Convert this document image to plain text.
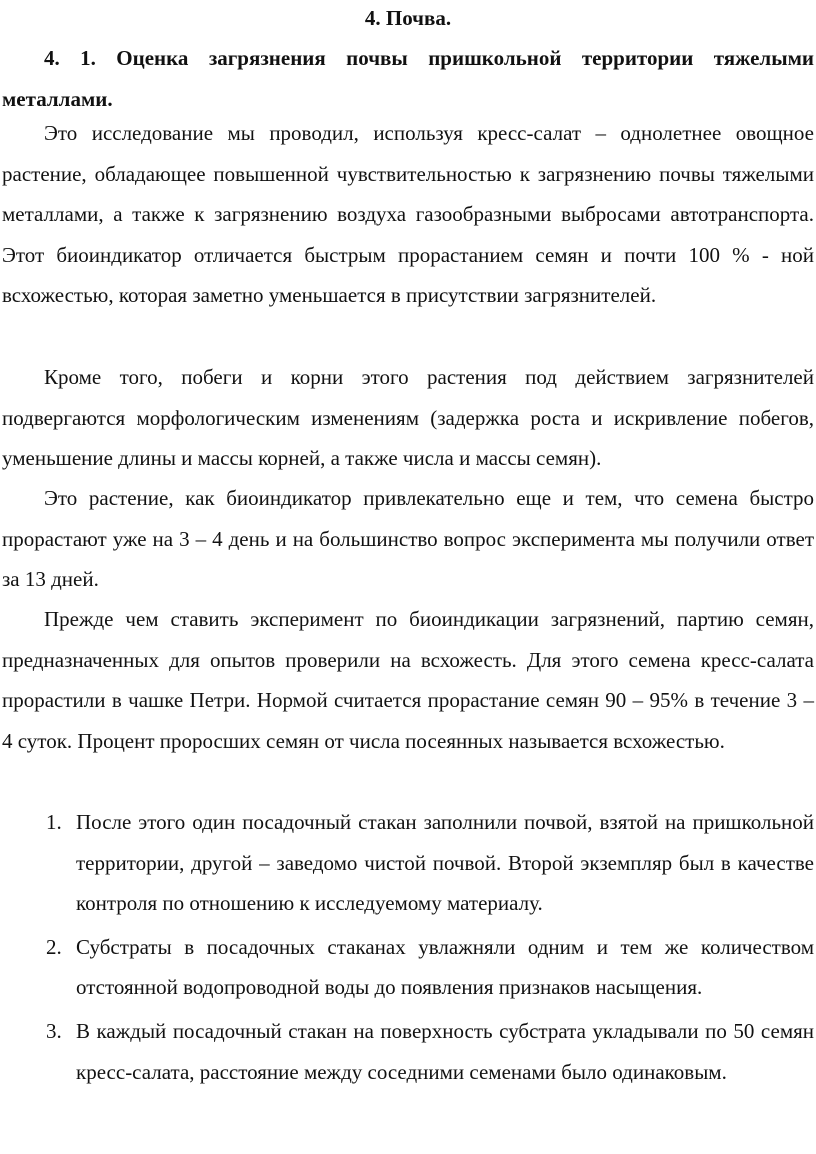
4. Почва.
4. 1. Оценка загрязнения почвы пришкольной территории тяжелыми металлами.
Это исследование мы проводил, используя кресс-салат – однолетнее овощное растение, обладающее повышенной чувствительностью к загрязнению почвы тяжелыми металлами, а также к загрязнению воздуха газообразными выбросами автотранспорта. Этот биоиндикатор отличается быстрым прорастанием семян и почти 100 % - ной всхожестью, которая заметно уменьшается в присутствии загрязнителей.
Кроме того, побеги и корни этого растения под действием загрязнителей подвергаются морфологическим изменениям (задержка роста и искривление побегов, уменьшение длины и массы корней, а также числа и массы семян).
Это растение, как биоиндикатор привлекательно еще и тем, что семена быстро прорастают уже на 3 – 4 день и на большинство вопрос эксперимента мы получили ответ за 13 дней.
Прежде чем ставить эксперимент по биоиндикации загрязнений, партию семян, предназначенных для опытов проверили на всхожесть. Для этого семена кресс-салата прорастили в чашке Петри. Нормой считается прорастание семян 90 – 95% в течение 3 – 4 суток. Процент проросших семян от числа посеянных называется всхожестью.
1. После этого один посадочный стакан заполнили почвой, взятой на пришкольной территории, другой – заведомо чистой почвой. Второй экземпляр был в качестве контроля по отношению к исследуемому материалу.
2. Субстраты в посадочных стаканах увлажняли одним и тем же количеством отстоянной водопроводной воды до появления признаков насыщения.
3. В каждый посадочный стакан на поверхность субстрата укладывали по 50 семян кресс-салата, расстояние между соседними семенами было одинаковым.
